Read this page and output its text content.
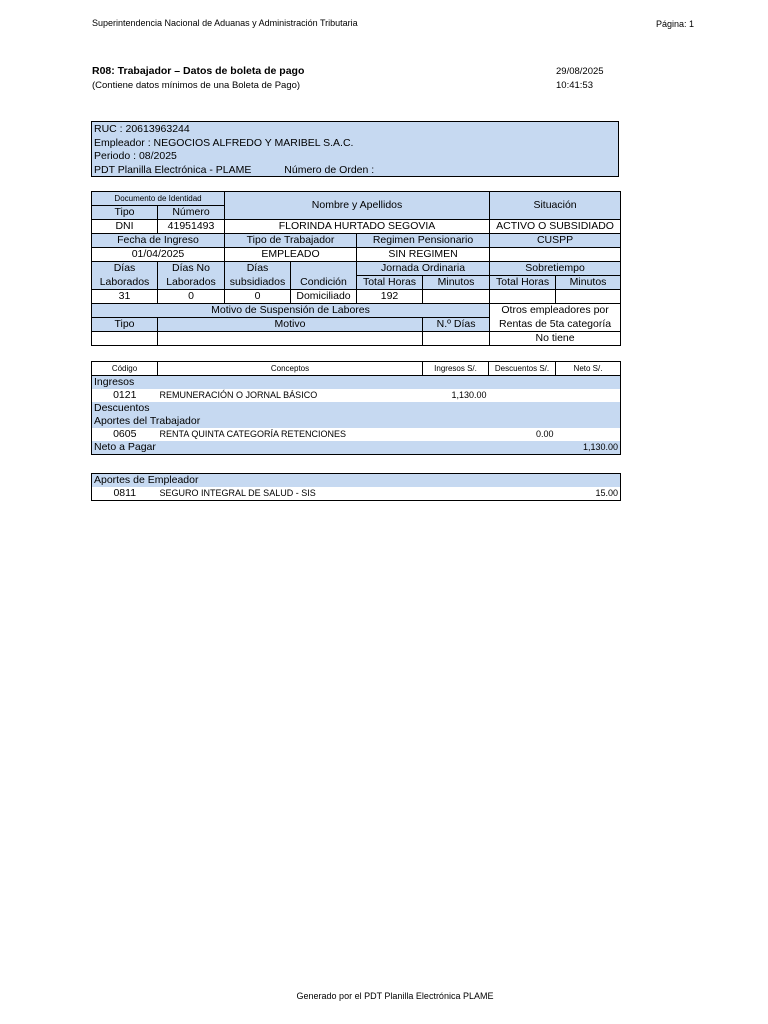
Superintendencia Nacional de Aduanas y Administración Tributaria	Página: 1
R08: Trabajador – Datos de boleta de pago
(Contiene datos mínimos de una Boleta de Pago)
29/08/2025
10:41:53
RUC : 20613963244
Empleador : NEGOCIOS ALFREDO Y MARIBEL S.A.C.
Periodo : 08/2025
PDT Planilla Electrónica - PLAME	Número de Orden :
Documento de Identidad		Nombre y Apellidos				Situación	
Tipo	Número						
DNI	41951493	FLORINDA HURTADO SEGOVIA				ACTIVO O SUBSIDIADO	
Fecha de Ingreso		Tipo de Trabajador		Regimen Pensionario		CUSPP	
01/04/2025		EMPLEADO		SIN REGIMEN			
Días	Días No	Días		Jornada Ordinaria		Sobretiempo	
Laborados	Laborados	subsidiados	Condición	Total Horas	Minutos	Total Horas	Minutos
31	0	0	Domiciliado	192			
Motivo de Suspensión de Labores						Otros empleadores por	
Tipo	Motivo				N.º Días	Rentas de 5ta categoría	
						No tiene	
Código	Conceptos	Ingresos S/.	Descuentos S/.	Neto S/.
Ingresos				
0121	REMUNERACIÓN O JORNAL BÁSICO	1,130.00		
Descuentos				
Aportes del Trabajador				
0605	RENTA QUINTA CATEGORÍA RETENCIONES		0.00	
Neto a Pagar				1,130.00
Aportes de Empleador
0811	SEGURO INTEGRAL DE SALUD - SIS			15.00
Generado por el PDT Planilla Electrónica PLAME
